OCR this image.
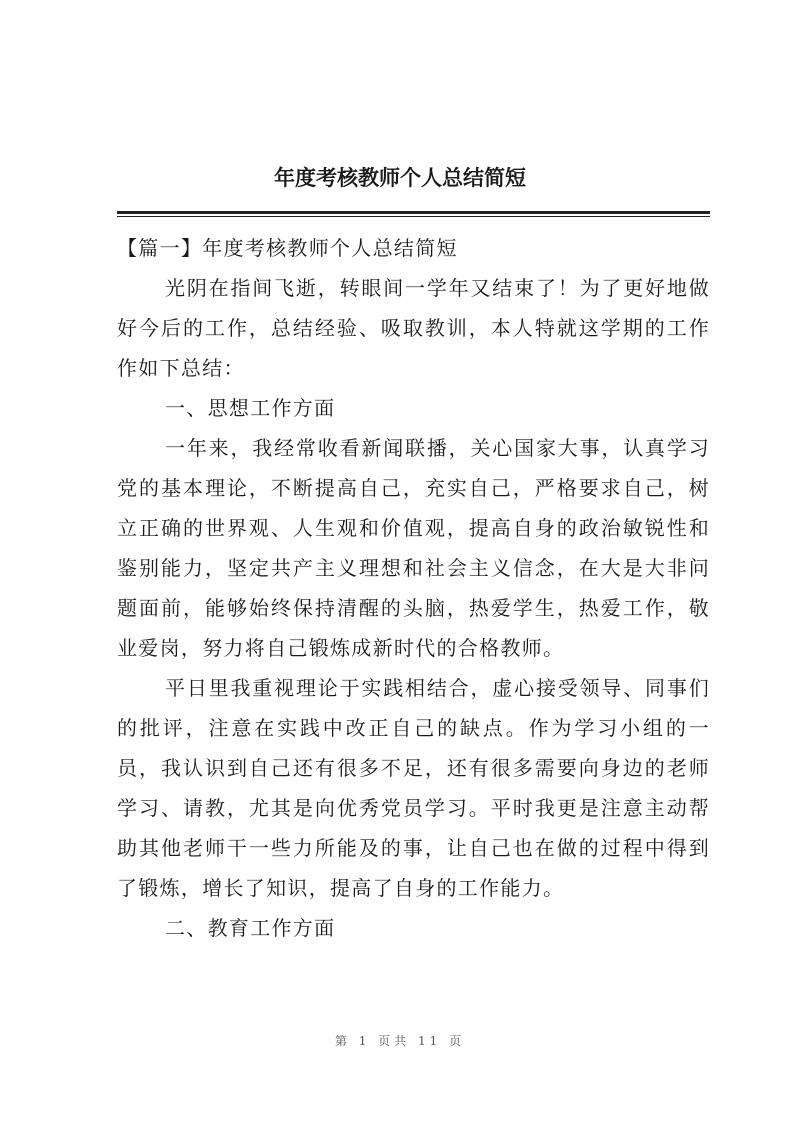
年度考核教师个人总结简短

【篇一】年度考核教师个人总结简短

光阴在指间飞逝，转眼间一学年又结束了！为了更好地做好今后的工作，总结经验、吸取教训，本人特就这学期的工作作如下总结：

一、思想工作方面

一年来，我经常收看新闻联播，关心国家大事，认真学习党的基本理论，不断提高自己，充实自己，严格要求自己，树立正确的世界观、人生观和价值观，提高自身的政治敏锐性和鉴别能力，坚定共产主义理想和社会主义信念，在大是大非问题面前，能够始终保持清醒的头脑，热爱学生，热爱工作，敬业爱岗，努力将自己锻炼成新时代的合格教师。

平日里我重视理论于实践相结合，虚心接受领导、同事们的批评，注意在实践中改正自己的缺点。作为学习小组的一员，我认识到自己还有很多不足，还有很多需要向身边的老师学习、请教，尤其是向优秀党员学习。平时我更是注意主动帮助其他老师干一些力所能及的事，让自己也在做的过程中得到了锻炼，增长了知识，提高了自身的工作能力。

二、教育工作方面

第 1 页共 11 页
